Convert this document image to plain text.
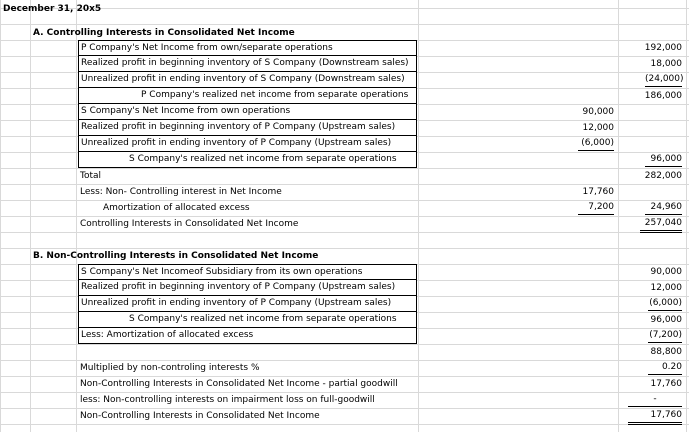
December 31, 20x5
A. Controlling Interests in Consolidated Net Income
P Company's Net Income from own/separate operations	192,000
Realized profit in beginning inventory of S Company (Downstream sales)	18,000
Unrealized profit in ending inventory of S Company (Downstream sales)	(24,000)
P Company's realized net income from separate operations	186,000
S Company's Net Income from own operations	90,000
Realized profit in beginning inventory of P Company (Upstream sales)	12,000
Unrealized profit in ending inventory of P Company (Upstream sales)	(6,000)
S Company's realized net income from separate operations	96,000
Total	282,000
Less: Non- Controlling interest in Net Income	17,760
Amortization of allocated excess	7,200	24,960
Controlling Interests in Consolidated Net Income	257,040
B. Non-Controlling Interests in Consolidated Net Income
S Company's Net Incomeof Subsidiary from its own operations	90,000
Realized profit in beginning inventory of P Company (Upstream sales)	12,000
Unrealized profit in ending inventory of P Company (Upstream sales)	(6,000)
S Company's realized net income from separate operations	96,000
Less: Amortization of allocated excess	(7,200)
88,800
Multiplied by non-controling interests %	0.20
Non-Controlling Interests in Consolidated Net Income - partial goodwill	17,760
less: Non-controlling interests on impairment loss on full-goodwill	-
Non-Controlling Interests in Consolidated Net Income	17,760
